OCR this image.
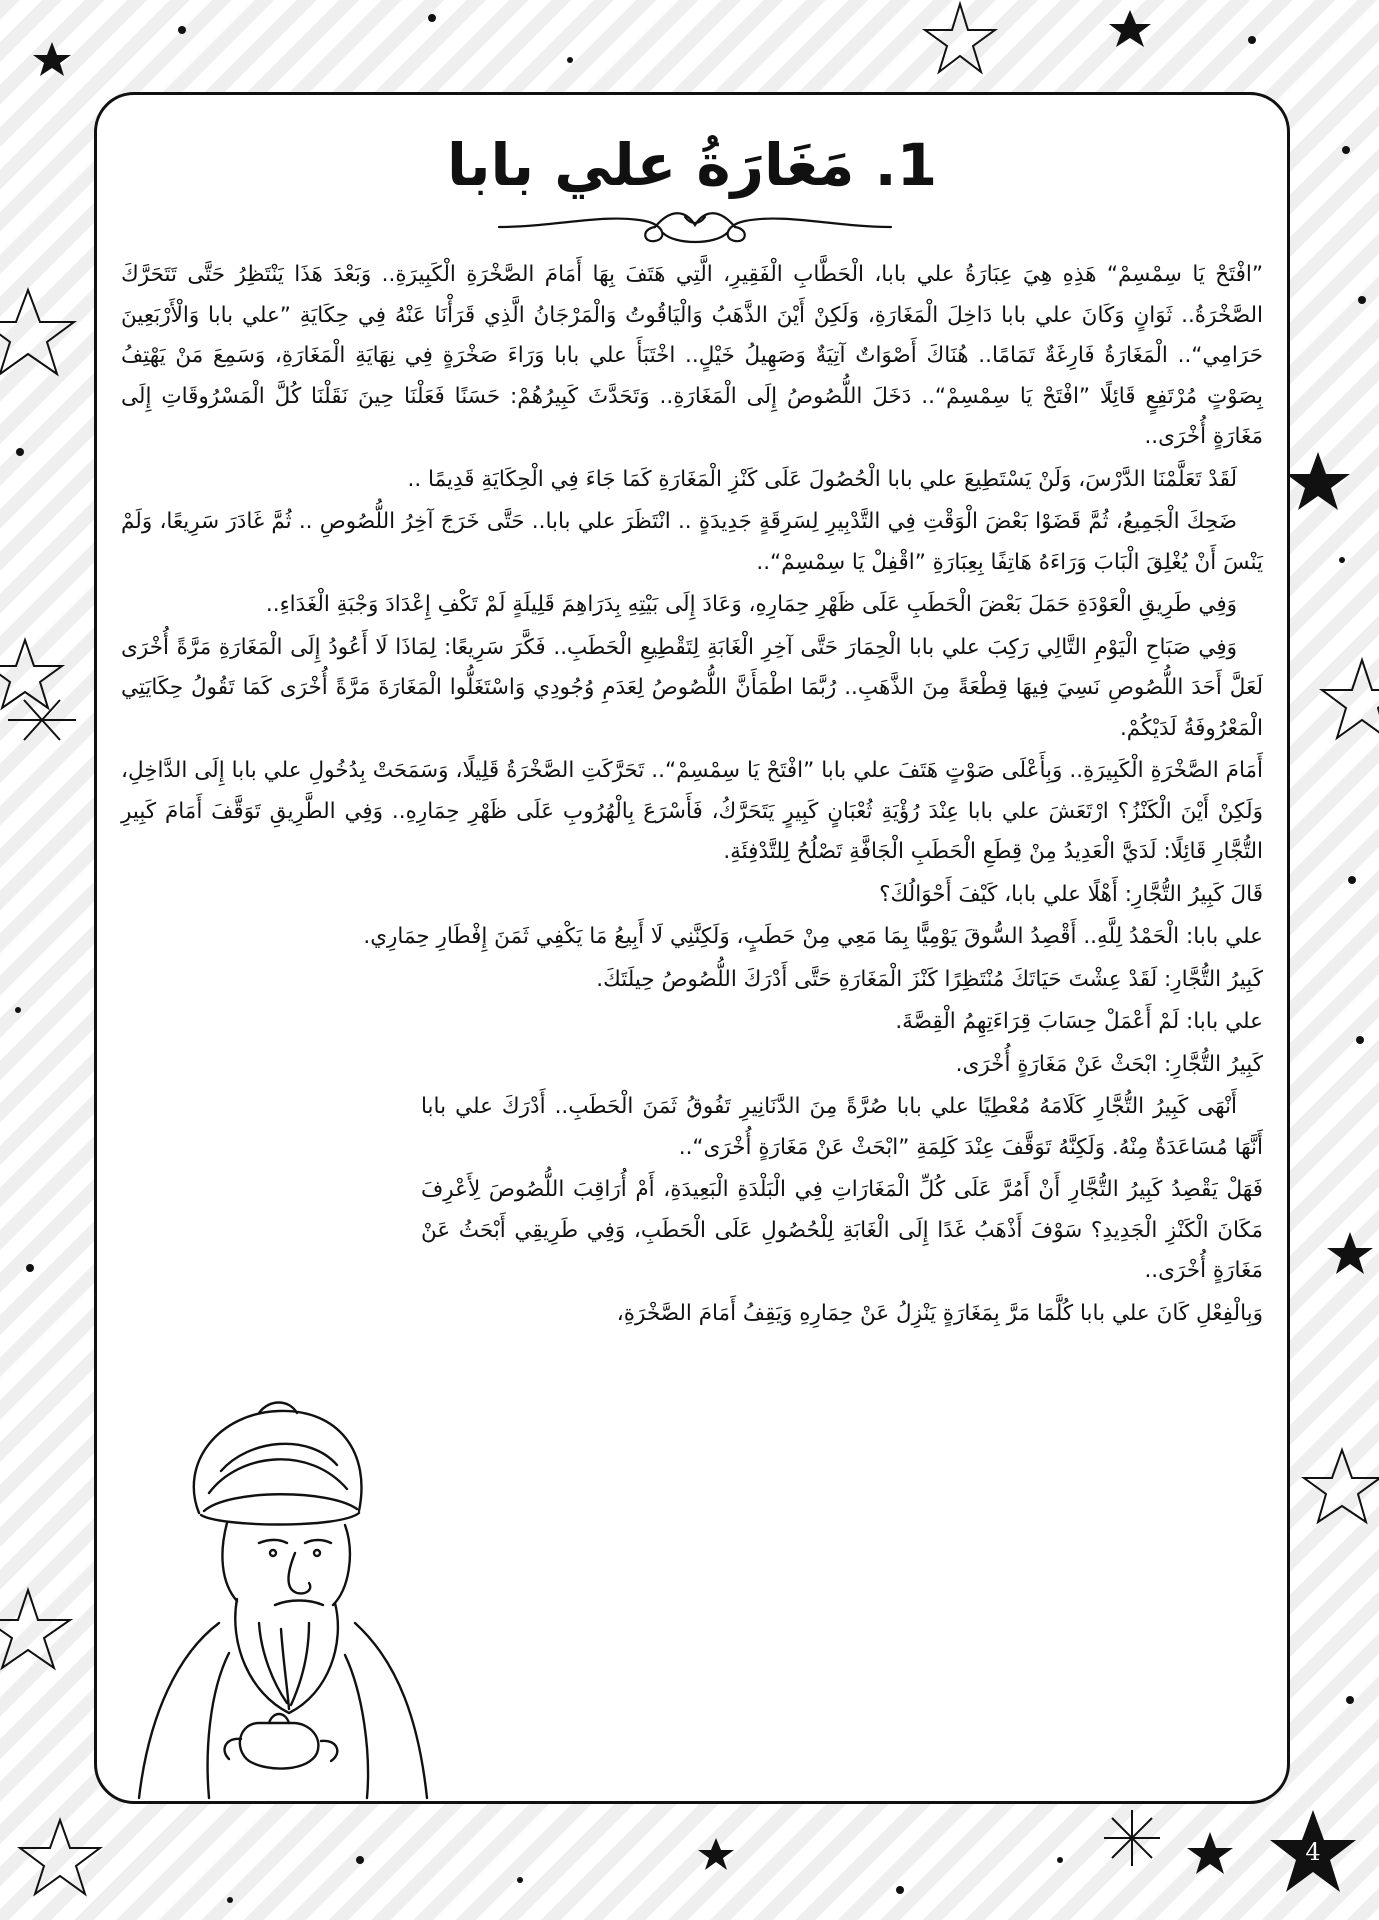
1. مَغَارَةُ علي بابا

”افْتَحْ يَا سِمْسِمْ“ هَذِهِ هِيَ عِبَارَةُ علي بابا، الْحَطَّابِ الْفَقِيرِ، الَّتِي هَتَفَ بِهَا أَمَامَ الصَّخْرَةِ الْكَبِيرَةِ.. وَبَعْدَ هَذَا يَنْتَظِرُ حَتَّى تَتَحَرَّكَ الصَّخْرَةُ.. ثَوَانٍ وَكَانَ علي بابا دَاخِلَ الْمَغَارَةِ، وَلَكِنْ أَيْنَ الذَّهَبُ وَالْيَاقُوتُ وَالْمَرْجَانُ الَّذِي قَرَأْنَا عَنْهُ فِي حِكَايَةِ ”علي بابا وَالْأَرْبَعِينَ حَرَامِي“.. الْمَغَارَةُ فَارِغَةٌ تَمَامًا.. هُنَاكَ أَصْوَاتٌ آتِيَةٌ وَصَهِيلُ خَيْلٍ.. اخْتَبَأَ علي بابا وَرَاءَ صَخْرَةٍ فِي نِهَايَةِ الْمَغَارَةِ، وَسَمِعَ مَنْ يَهْتِفُ بِصَوْتٍ مُرْتَفِعٍ قَائِلًا ”افْتَحْ يَا سِمْسِمْ“.. دَخَلَ اللُّصُوصُ إِلَى الْمَغَارَةِ.. وَتَحَدَّثَ كَبِيرُهُمْ: حَسَنًا فَعَلْنَا حِينَ نَقَلْنَا كُلَّ الْمَسْرُوقَاتِ إِلَى مَغَارَةٍ أُخْرَى..

لَقَدْ تَعَلَّمْنَا الدَّرْسَ، وَلَنْ يَسْتَطِيعَ علي بابا الْحُصُولَ عَلَى كَنْزِ الْمَغَارَةِ كَمَا جَاءَ فِي الْحِكَايَةِ قَدِيمًا ..

ضَحِكَ الْجَمِيعُ، ثُمَّ قَضَوْا بَعْضَ الْوَقْتِ فِي التَّدْبِيرِ لِسَرِقَةٍ جَدِيدَةٍ .. انْتَظَرَ علي بابا.. حَتَّى خَرَجَ آخِرُ اللُّصُوصِ .. ثُمَّ غَادَرَ سَرِيعًا، وَلَمْ يَنْسَ أَنْ يُغْلِقَ الْبَابَ وَرَاءَهُ هَاتِفًا بِعِبَارَةِ ”اقْفِلْ يَا سِمْسِمْ“..

وَفِي طَرِيقِ الْعَوْدَةِ حَمَلَ بَعْضَ الْحَطَبِ عَلَى ظَهْرِ حِمَارِهِ، وَعَادَ إِلَى بَيْتِهِ بِدَرَاهِمَ قَلِيلَةٍ لَمْ تَكْفِ إِعْدَادَ وَجْبَةِ الْغَدَاءِ..

وَفِي صَبَاحِ الْيَوْمِ التَّالِي رَكِبَ علي بابا الْحِمَارَ حَتَّى آخِرِ الْغَابَةِ لِتَقْطِيعِ الْحَطَبِ.. فَكَّرَ سَرِيعًا: لِمَاذَا لَا أَعُودُ إِلَى الْمَغَارَةِ مَرَّةً أُخْرَى لَعَلَّ أَحَدَ اللُّصُوصِ نَسِيَ فِيهَا قِطْعَةً مِنَ الذَّهَبِ.. رُبَّمَا اطْمَأَنَّ اللُّصُوصُ لِعَدَمِ وُجُودِي وَاسْتَغَلُّوا الْمَغَارَةَ مَرَّةً أُخْرَى كَمَا تَقُولُ حِكَايَتِي الْمَعْرُوفَةُ لَدَيْكُمْ.

أَمَامَ الصَّخْرَةِ الْكَبِيرَةِ.. وَبِأَعْلَى صَوْتٍ هَتَفَ علي بابا ”افْتَحْ يَا سِمْسِمْ“.. تَحَرَّكَتِ الصَّخْرَةُ قَلِيلًا، وَسَمَحَتْ بِدُخُولِ علي بابا إِلَى الدَّاخِلِ، وَلَكِنْ أَيْنَ الْكَنْزُ؟ ارْتَعَشَ علي بابا عِنْدَ رُؤْيَةِ ثُعْبَانٍ كَبِيرٍ يَتَحَرَّكُ، فَأَسْرَعَ بِالْهُرُوبِ عَلَى ظَهْرِ حِمَارِهِ.. وَفِي الطَّرِيقِ تَوَقَّفَ أَمَامَ كَبِيرِ التُّجَّارِ قَائِلًا: لَدَيَّ الْعَدِيدُ مِنْ قِطَعِ الْحَطَبِ الْجَافَّةِ تَصْلُحُ لِلتَّدْفِئَةِ.

قَالَ كَبِيرُ التُّجَّارِ: أَهْلًا علي بابا، كَيْفَ أَحْوَالُكَ؟

علي بابا: الْحَمْدُ لِلَّهِ.. أَقْصِدُ السُّوقَ يَوْمِيًّا بِمَا مَعِي مِنْ حَطَبٍ، وَلَكِنَّنِي لَا أَبِيعُ مَا يَكْفِي ثَمَنَ إِفْطَارِ حِمَارِي.

كَبِيرُ التُّجَّارِ: لَقَدْ عِشْتَ حَيَاتَكَ مُنْتَظِرًا كَنْزَ الْمَغَارَةِ حَتَّى أَدْرَكَ اللُّصُوصُ حِيلَتَكَ.

علي بابا: لَمْ أَعْمَلْ حِسَابَ قِرَاءَتِهِمُ الْقِصَّةَ.

كَبِيرُ التُّجَّارِ: ابْحَثْ عَنْ مَغَارَةٍ أُخْرَى.

أَنْهَى كَبِيرُ التُّجَّارِ كَلَامَهُ مُعْطِيًا علي بابا صُرَّةً مِنَ الدَّنَانِيرِ تَفُوقُ ثَمَنَ الْحَطَبِ.. أَدْرَكَ علي بابا أَنَّهَا مُسَاعَدَةٌ مِنْهُ. وَلَكِنَّهُ تَوَقَّفَ عِنْدَ كَلِمَةِ ”ابْحَثْ عَنْ مَغَارَةٍ أُخْرَى“..

فَهَلْ يَقْصِدُ كَبِيرُ التُّجَّارِ أَنْ أَمُرَّ عَلَى كُلِّ الْمَغَارَاتِ فِي الْبَلْدَةِ الْبَعِيدَةِ، أَمْ أُرَاقِبَ اللُّصُوصَ لِأَعْرِفَ مَكَانَ الْكَنْزِ الْجَدِيدِ؟ سَوْفَ أَذْهَبُ غَدًا إِلَى الْغَابَةِ لِلْحُصُولِ عَلَى الْحَطَبِ، وَفِي طَرِيقِي أَبْحَثُ عَنْ مَغَارَةٍ أُخْرَى..

وَبِالْفِعْلِ كَانَ علي بابا كُلَّمَا مَرَّ بِمَغَارَةٍ يَنْزِلُ عَنْ حِمَارِهِ وَيَقِفُ أَمَامَ الصَّخْرَةِ،

4
